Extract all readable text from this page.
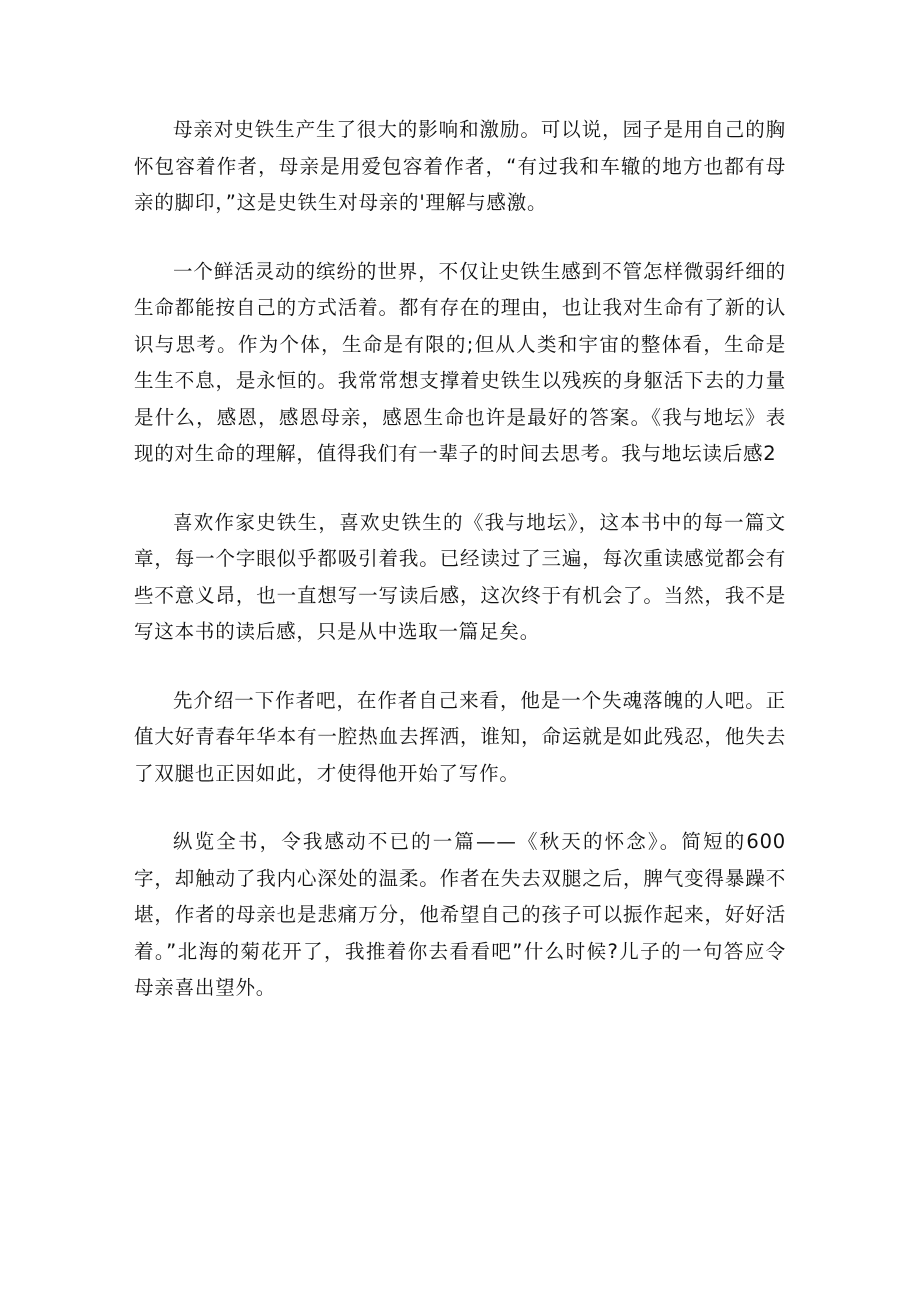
母亲对史铁生产生了很大的影响和激励。可以说，园子是用自己的胸怀包容着作者，母亲是用爱包容着作者，“有过我和车辙的地方也都有母亲的脚印，”这是史铁生对母亲的'理解与感激。

一个鲜活灵动的缤纷的世界，不仅让史铁生感到不管怎样微弱纤细的生命都能按自己的方式活着。都有存在的理由，也让我对生命有了新的认识与思考。作为个体，生命是有限的;但从人类和宇宙的整体看，生命是生生不息，是永恒的。我常常想支撑着史铁生以残疾的身躯活下去的力量是什么，感恩，感恩母亲，感恩生命也许是最好的答案。《我与地坛》表现的对生命的理解，值得我们有一辈子的时间去思考。我与地坛读后感2

喜欢作家史铁生，喜欢史铁生的《我与地坛》，这本书中的每一篇文章，每一个字眼似乎都吸引着我。已经读过了三遍，每次重读感觉都会有些不意义昂，也一直想写一写读后感，这次终于有机会了。当然，我不是写这本书的读后感，只是从中选取一篇足矣。

先介绍一下作者吧，在作者自己来看，他是一个失魂落魄的人吧。正值大好青春年华本有一腔热血去挥洒，谁知，命运就是如此残忍，他失去了双腿也正因如此，才使得他开始了写作。

纵览全书，令我感动不已的一篇——《秋天的怀念》。简短的600字，却触动了我内心深处的温柔。作者在失去双腿之后，脾气变得暴躁不堪，作者的母亲也是悲痛万分，他希望自己的孩子可以振作起来，好好活着。”北海的菊花开了，我推着你去看看吧”什么时候?儿子的一句答应令母亲喜出望外。
